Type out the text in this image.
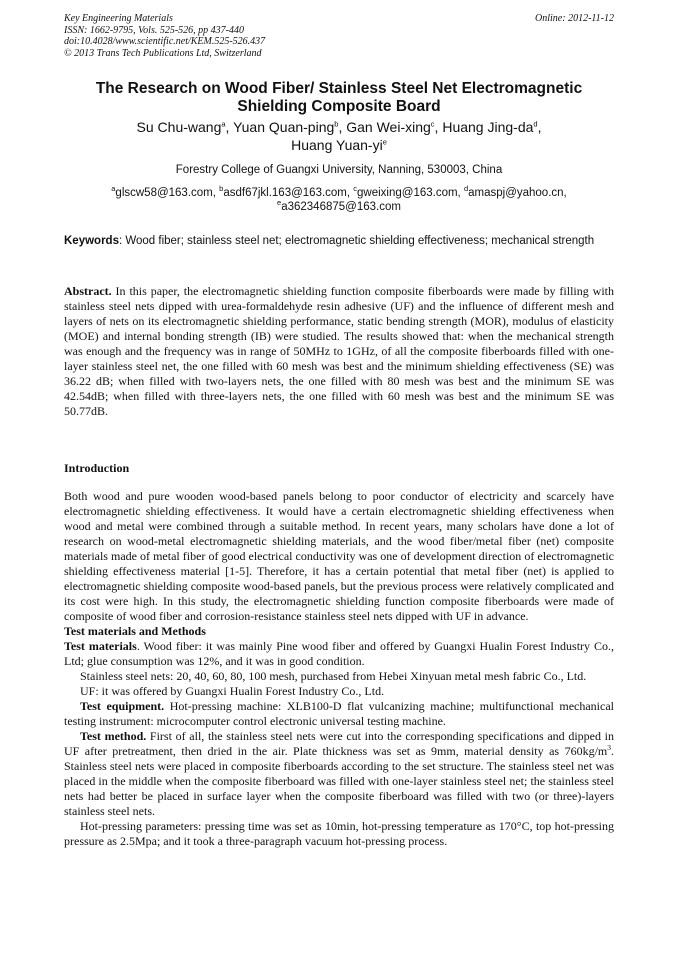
Key Engineering Materials
ISSN: 1662-9795, Vols. 525-526, pp 437-440
doi:10.4028/www.scientific.net/KEM.525-526.437
© 2013 Trans Tech Publications Ltd, Switzerland
Online: 2012-11-12
The Research on Wood Fiber/ Stainless Steel Net Electromagnetic
Shielding Composite Board
Su Chu-wang$^a$, Yuan Quan-ping$^b$, Gan Wei-xing$^c$, Huang Jing-$da^d$,
Huang Yuan-$yi^e$
Forestry College of Guangxi University, Nanning, 530003, China
$^a$glscw58@163.com, $^b$asdf67jkl.163@163.com, $^c$gweixing@163.com, $^d$amaspj@yahoo.cn,
$^e$a362346875@163.com
Keywords: Wood fiber; stainless steel net; electromagnetic shielding effectiveness; mechanical strength
Abstract. In this paper, the electromagnetic shielding function composite fiberboards were made by filling with stainless steel nets dipped with urea-formaldehyde resin adhesive (UF) and the influence of different mesh and layers of nets on its electromagnetic shielding performance, static bending strength (MOR), modulus of elasticity (MOE) and internal bonding strength (IB) were studied. The results showed that: when the mechanical strength was enough and the frequency was in range of 50MHz to 1GHz, of all the composite fiberboards filled with one-layer stainless steel net, the one filled with 60 mesh was best and the minimum shielding effectiveness (SE) was 36.22 dB; when filled with two-layers nets, the one filled with 80 mesh was best and the minimum SE was 42.54dB; when filled with three-layers nets, the one filled with 60 mesh was best and the minimum SE was 50.77dB.

Introduction

Both wood and pure wooden wood-based panels belong to poor conductor of electricity and scarcely have electromagnetic shielding effectiveness. It would have a certain electromagnetic shielding effectiveness when wood and metal were combined through a suitable method. In recent years, many scholars have done a lot of research on wood-metal electromagnetic shielding materials, and the wood fiber/metal fiber (net) composite materials made of metal fiber of good electrical conductivity was one of development direction of electromagnetic shielding effectiveness material [1-5]. Therefore, it has a certain potential that metal fiber (net) is applied to electromagnetic shielding composite wood-based panels, but the previous process were relatively complicated and its cost were high. In this study, the electromagnetic shielding function composite fiberboards were made of composite of wood fiber and corrosion-resistance stainless steel nets dipped with UF in advance.

Test materials and Methods

Test materials. Wood fiber: it was mainly Pine wood fiber and offered by Guangxi Hualin Forest Industry Co., Ltd; glue consumption was 12%, and it was in good condition.

Stainless steel nets: 20, 40, 60, 80, 100 mesh, purchased from Hebei Xinyuan metal mesh fabric Co., Ltd.

UF: it was offered by Guangxi Hualin Forest Industry Co., Ltd.

Test equipment. Hot-pressing machine: XLB100-D flat vulcanizing machine; multifunctional mechanical testing instrument: microcomputer control electronic universal testing machine.

Test method. First of all, the stainless steel nets were cut into the corresponding specifications and dipped in UF after pretreatment, then dried in the air. Plate thickness was set as 9mm, material density as $760kg/m^3$. Stainless steel nets were placed in composite fiberboards according to the set structure. The stainless steel net was placed in the middle when the composite fiberboard was filled with one-layer stainless steel net; the stainless steel nets had better be placed in surface layer when the composite fiberboard was filled with two (or three)-layers stainless steel nets.

Hot-pressing parameters: pressing time was set as 10min, hot-pressing temperature as 170°C, top hot-pressing pressure as 2.5Mpa; and it took a three-paragraph vacuum hot-pressing process.
